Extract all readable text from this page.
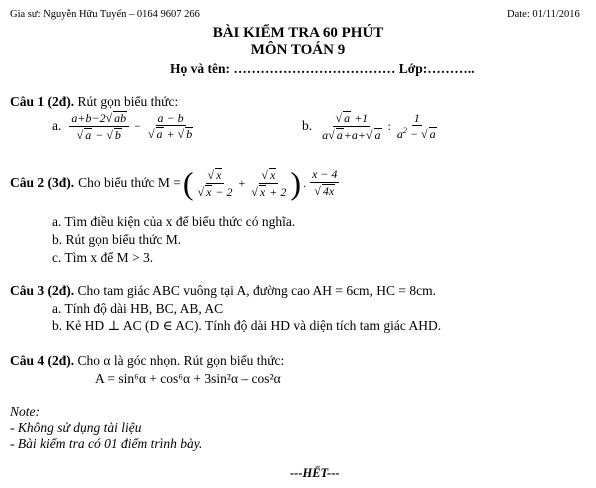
Gia sư: Nguyễn Hữu Tuyến – 0164 9607 266	Date: 01/11/2016
BÀI KIỂM TRA 60 PHÚT
MÔN TOÁN 9
Họ và tên: ……………………………… Lớp:………..
Câu 1 (2đ). Rút gọn biểu thức:
a. $\frac{a+b-2√ ab}{√ a - √ b} - \frac{a - b}{√ a + √ b}$	b. $\frac{√ a +1}{a√ a+a+√ a}$ : $\frac{1}{a^2 - √ a}$
Câu 2 (3đ). Cho biểu thức M = ( $\frac{√ x}{√ x - 2} + \frac{√ x}{√ x + 2}$ ) . $\frac{x - 4}{√ 4x}$
a. Tìm điều kiện của x để biểu thức có nghĩa.
b. Rút gọn biểu thức M.
c. Tìm x để M > 3.
Câu 3 (2đ). Cho tam giác ABC vuông tại A, đường cao AH = 6cm, HC = 8cm.
a. Tính độ dài HB, BC, AB, AC
b. Kẻ HD ⊥ AC (D ∈ AC). Tính độ dài HD và diện tích tam giác AHD.
Câu 4 (2đ). Cho α là góc nhọn. Rút gọn biểu thức:
A = sin⁶α + cos⁶α + 3sin²α – cos²α
Note:
- Không sử dụng tài liệu
- Bài kiểm tra có 01 điểm trình bày.
---HẾT---
